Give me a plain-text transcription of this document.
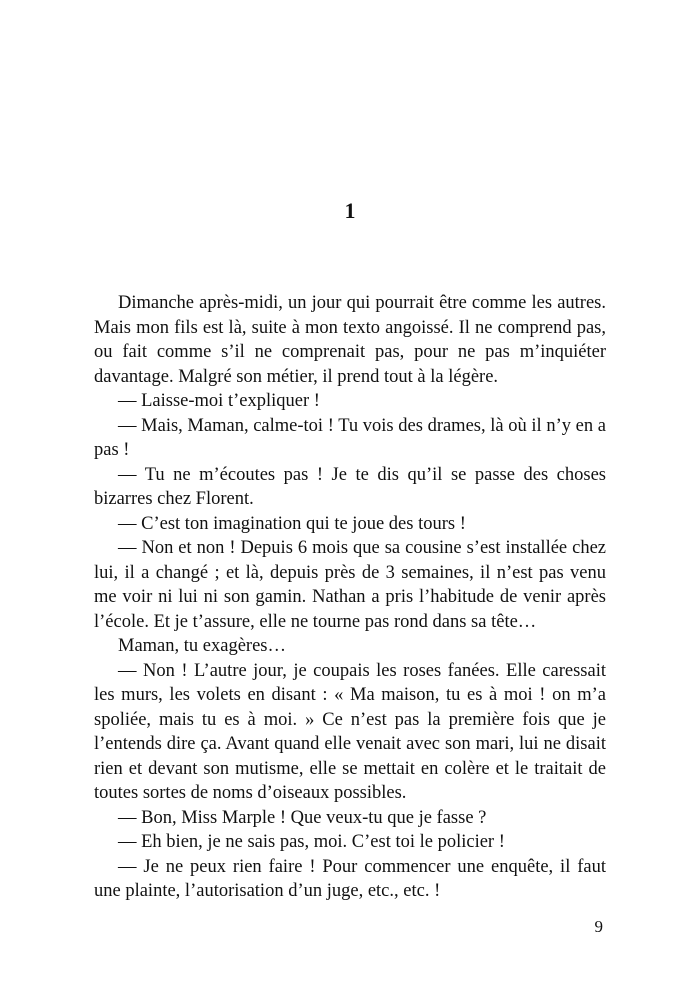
1

Dimanche après-midi, un jour qui pourrait être comme les autres. Mais mon fils est là, suite à mon texto angoissé. Il ne comprend pas, ou fait comme s’il ne comprenait pas, pour ne pas m’inquiéter davantage. Malgré son métier, il prend tout à la légère.

— Laisse-moi t’expliquer !

— Mais, Maman, calme-toi ! Tu vois des drames, là où il n’y en a pas !

— Tu ne m’écoutes pas ! Je te dis qu’il se passe des choses bizarres chez Florent.

— C’est ton imagination qui te joue des tours !

— Non et non ! Depuis 6 mois que sa cousine s’est installée chez lui, il a changé ; et là, depuis près de 3 semaines, il n’est pas venu me voir ni lui ni son gamin. Nathan a pris l’habitude de venir après l’école. Et je t’assure, elle ne tourne pas rond dans sa tête…

Maman, tu exagères…

— Non ! L’autre jour, je coupais les roses fanées. Elle caressait les murs, les volets en disant : « Ma maison, tu es à moi ! on m’a spoliée, mais tu es à moi. » Ce n’est pas la première fois que je l’entends dire ça. Avant quand elle venait avec son mari, lui ne disait rien et devant son mutisme, elle se mettait en colère et le traitait de toutes sortes de noms d’oiseaux possibles.

— Bon, Miss Marple ! Que veux-tu que je fasse ?

— Eh bien, je ne sais pas, moi. C’est toi le policier !

— Je ne peux rien faire ! Pour commencer une enquête, il faut une plainte, l’autorisation d’un juge, etc., etc. !

9
